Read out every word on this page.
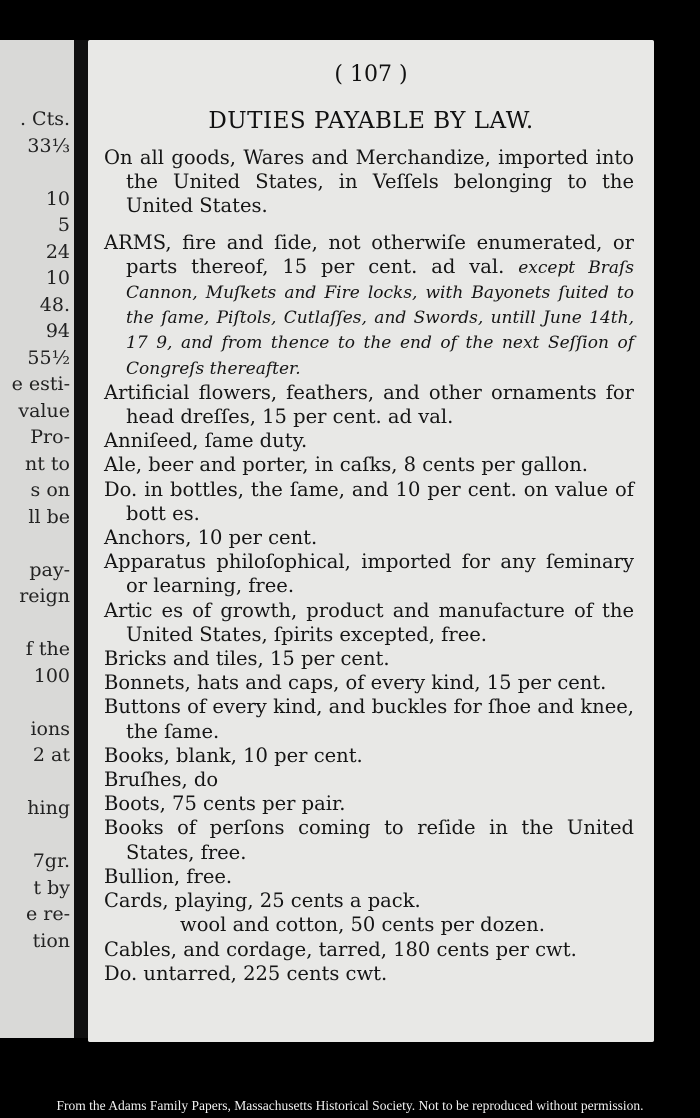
. Cts.
33⅓
10
5
24
10
48.
94
55½
e esti-
value
Pro-
nt to
s on
ll be
pay-
reign
f the
100
ions
2 at
hing
7gr.
t by
e re-
tion
( 107 )
DUTIES PAYABLE BY LAW.

On all goods, Wares and Merchandize, imported into the United States, in Veſſels belonging to the United States.

ARMS, fire and ſide, not otherwiſe enumerated, or parts thereof, 15 per cent. ad val. except Braſs Cannon, Muſkets and Fire locks, with Bayonets ſuited to the ſame, Piſtols, Cutlaſſes, and Swords, untill June 14th, 17 9, and from thence to the end of the next Seſſion of Congreſs thereafter.

Artificial flowers, feathers, and other ornaments for head dreſſes, 15 per cent. ad val.

Anniſeed, ſame duty.

Ale, beer and porter, in caſks, 8 cents per gallon.

Do. in bottles, the ſame, and 10 per cent. on value of bott es.

Anchors, 10 per cent.

Apparatus philoſophical, imported for any ſeminary or learning, free.

Artic es of growth, product and manufacture of the United States, ſpirits excepted, free.

Bricks and tiles, 15 per cent.

Bonnets, hats and caps, of every kind, 15 per cent.

Buttons of every kind, and buckles for ſhoe and knee, the ſame.

Books, blank, 10 per cent.

Bruſhes, do

Boots, 75 cents per pair.

Books of perſons coming to reſide in the United States, free.

Bullion, free.

Cards, playing, 25 cents a pack.

wool and cotton, 50 cents per dozen.

Cables, and cordage, tarred, 180 cents per cwt.

Do. untarred, 225 cents cwt.

From the Adams Family Papers, Massachusetts Historical Society. Not to be reproduced without permission.
